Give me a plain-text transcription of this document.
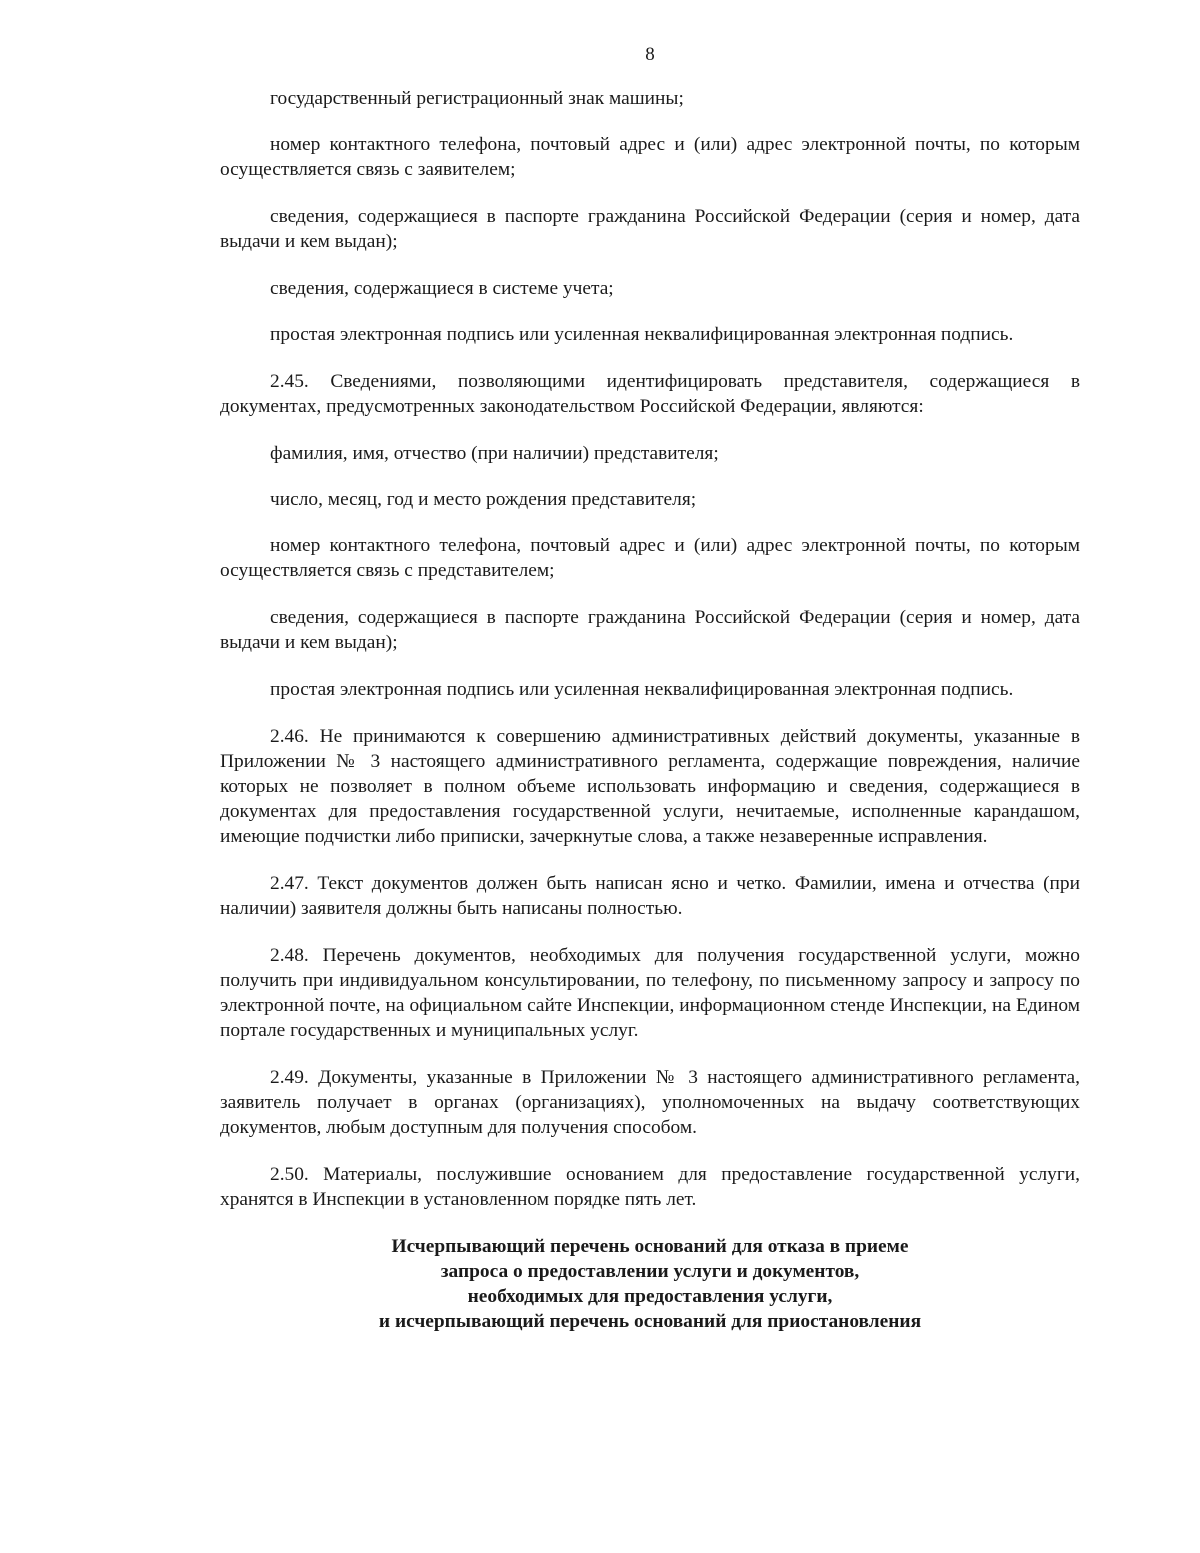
8

государственный регистрационный знак машины;

номер контактного телефона, почтовый адрес и (или) адрес электронной почты, по которым осуществляется связь с заявителем;

сведения, содержащиеся в паспорте гражданина Российской Федерации (серия и номер, дата выдачи и кем выдан);

сведения, содержащиеся в системе учета;

простая электронная подпись или усиленная неквалифицированная электронная подпись.

2.45. Сведениями, позволяющими идентифицировать представителя, содержащиеся в документах, предусмотренных законодательством Российской Федерации, являются:

фамилия, имя, отчество (при наличии) представителя;

число, месяц, год и место рождения представителя;

номер контактного телефона, почтовый адрес и (или) адрес электронной почты, по которым осуществляется связь с представителем;

сведения, содержащиеся в паспорте гражданина Российской Федерации (серия и номер, дата выдачи и кем выдан);

простая электронная подпись или усиленная неквалифицированная электронная подпись.

2.46. Не принимаются к совершению административных действий документы, указанные в Приложении № 3 настоящего административного регламента, содержащие повреждения, наличие которых не позволяет в полном объеме использовать информацию и сведения, содержащиеся в документах для предоставления государственной услуги, нечитаемые, исполненные карандашом, имеющие подчистки либо приписки, зачеркнутые слова, а также незаверенные исправления.

2.47. Текст документов должен быть написан ясно и четко. Фамилии, имена и отчества (при наличии) заявителя должны быть написаны полностью.

2.48. Перечень документов, необходимых для получения государственной услуги, можно получить при индивидуальном консультировании, по телефону, по письменному запросу и запросу по электронной почте, на официальном сайте Инспекции, информационном стенде Инспекции, на Едином портале государственных и муниципальных услуг.

2.49. Документы, указанные в Приложении № 3 настоящего административного регламента, заявитель получает в органах (организациях), уполномоченных на выдачу соответствующих документов, любым доступным для получения способом.

2.50. Материалы, послужившие основанием для предоставление государственной услуги, хранятся в Инспекции в установленном порядке пять лет.

Исчерпывающий перечень оснований для отказа в приеме
запроса о предоставлении услуги и документов,
необходимых для предоставления услуги,
и исчерпывающий перечень оснований для приостановления
